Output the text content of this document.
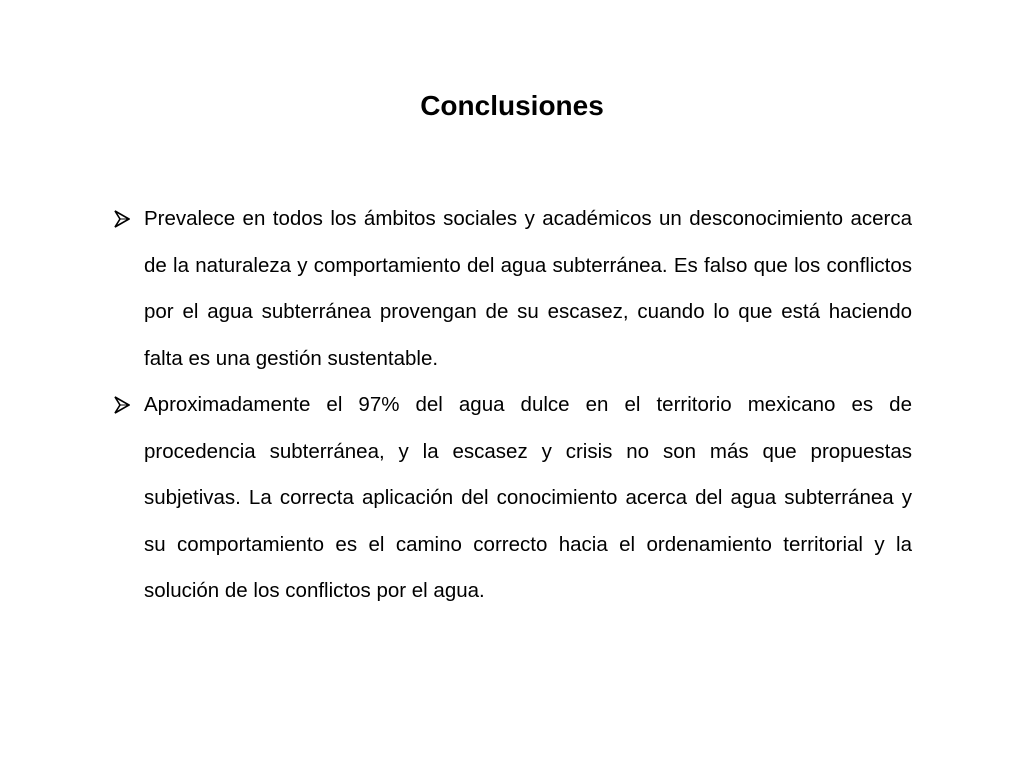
Conclusiones
Prevalece en todos los ámbitos sociales y académicos un desconocimiento acerca de la naturaleza y comportamiento del agua subterránea. Es falso que los conflictos por el agua subterránea provengan de su escasez, cuando lo que está haciendo falta es una gestión sustentable.
Aproximadamente el 97% del agua dulce en el territorio mexicano es de procedencia subterránea, y la escasez y crisis no son más que propuestas subjetivas. La correcta aplicación del conocimiento acerca del agua subterránea y su comportamiento es el camino correcto hacia el ordenamiento territorial y la solución de los conflictos por el agua.
